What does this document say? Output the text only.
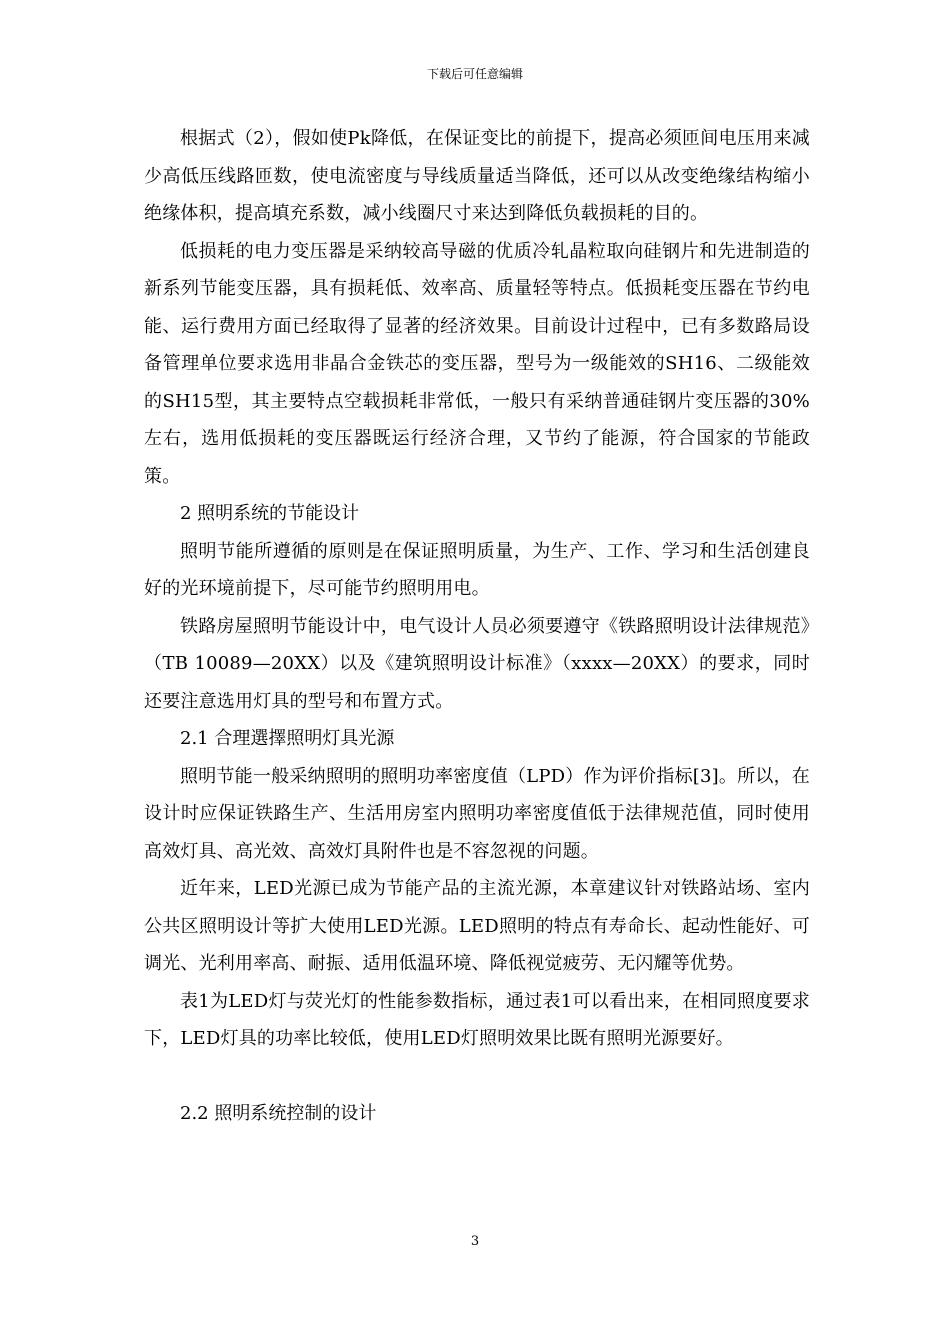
下载后可任意编辑

根据式（2），假如使Pk降低，在保证变比的前提下，提高必须匝间电压用来减少高低压线路匝数，使电流密度与导线质量适当降低，还可以从改变绝缘结构缩小绝缘体积，提高填充系数，减小线圈尺寸来达到降低负载损耗的目的。

低损耗的电力变压器是采纳较高导磁的优质冷轧晶粒取向硅钢片和先进制造的新系列节能变压器，具有损耗低、效率高、质量轻等特点。低损耗变压器在节约电能、运行费用方面已经取得了显著的经济效果。目前设计过程中，已有多数路局设备管理单位要求选用非晶合金铁芯的变压器，型号为一级能效的SH16、二级能效的SH15型，其主要特点空载损耗非常低，一般只有采纳普通硅钢片变压器的30%左右，选用低损耗的变压器既运行经济合理，又节约了能源，符合国家的节能政策。

2 照明系统的节能设计

照明节能所遵循的原则是在保证照明质量，为生产、工作、学习和生活创建良好的光环境前提下，尽可能节约照明用电。

铁路房屋照明节能设计中，电气设计人员必须要遵守《铁路照明设计法律规范》（TB 10089—20XX）以及《建筑照明设计标准》（xxxx—20XX）的要求，同时还要注意选用灯具的型号和布置方式。

2.1 合理選擇照明灯具光源

照明节能一般采纳照明的照明功率密度值（LPD）作为评价指标[3]。所以，在设计时应保证铁路生产、生活用房室内照明功率密度值低于法律规范值，同时使用高效灯具、高光效、高效灯具附件也是不容忽视的问题。

近年来，LED光源已成为节能产品的主流光源，本章建议针对铁路站场、室内公共区照明设计等扩大使用LED光源。LED照明的特点有寿命长、起动性能好、可调光、光利用率高、耐振、适用低温环境、降低视觉疲劳、无闪耀等优势。

表1为LED灯与荧光灯的性能参数指标，通过表1可以看出来，在相同照度要求下，LED灯具的功率比较低，使用LED灯照明效果比既有照明光源要好。

2.2 照明系统控制的设计

3
